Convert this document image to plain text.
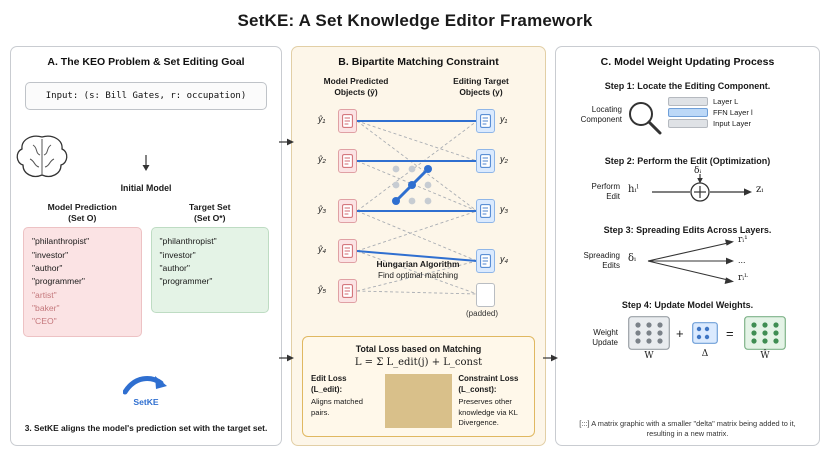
SetKE: A Set Knowledge Editor Framework
A. The KEO Problem & Set Editing Goal
Input: (s: Bill Gates, r: occupation)
Initial Model
Model Prediction
(Set O)
"philanthropist"
"investor"
"author"
"programmer"
"artist"
"baker"
"CEO"
Target Set
(Set O*)
"philanthropist"
"investor"
"author"
"programmer"
SetKE
3. SetKE aligns the model's prediction set with the target set.
B. Bipartite Matching Constraint
Model Predicted
Objects (ŷ)
Editing Target
Objects (y)
ŷ₁
ŷ₂
ŷ₃
ŷ₄
ŷ₅
y₁
y₂
y₃
y₄
(padded)
Hungarian Algorithm
Find optimal matching
Total Loss based on Matching
L = Σ L_edit(j) + L_const
Edit Loss (L_edit):
Aligns matched pairs.
Constraint Loss (L_const):
Preserves other knowledge via KL Divergence.
C. Model Weight Updating Process
Step 1: Locate the Editing Component.
Locating
Component
Layer L
FFN Layer l
Input Layer
Step 2: Perform the Edit (Optimization)
Perform
Edit
hᵢˡ
δᵢ
zᵢ
Step 3: Spreading Edits Across Layers.
Spreading
Edits
δᵢ
rᵢ¹
...
rᵢᴸ
Step 4: Update Model Weights.
Weight
Update
W
+
Δ
=
Ŵ
[:::] A matrix graphic with a smaller "delta" matrix being added to it, resulting in a new matrix.
